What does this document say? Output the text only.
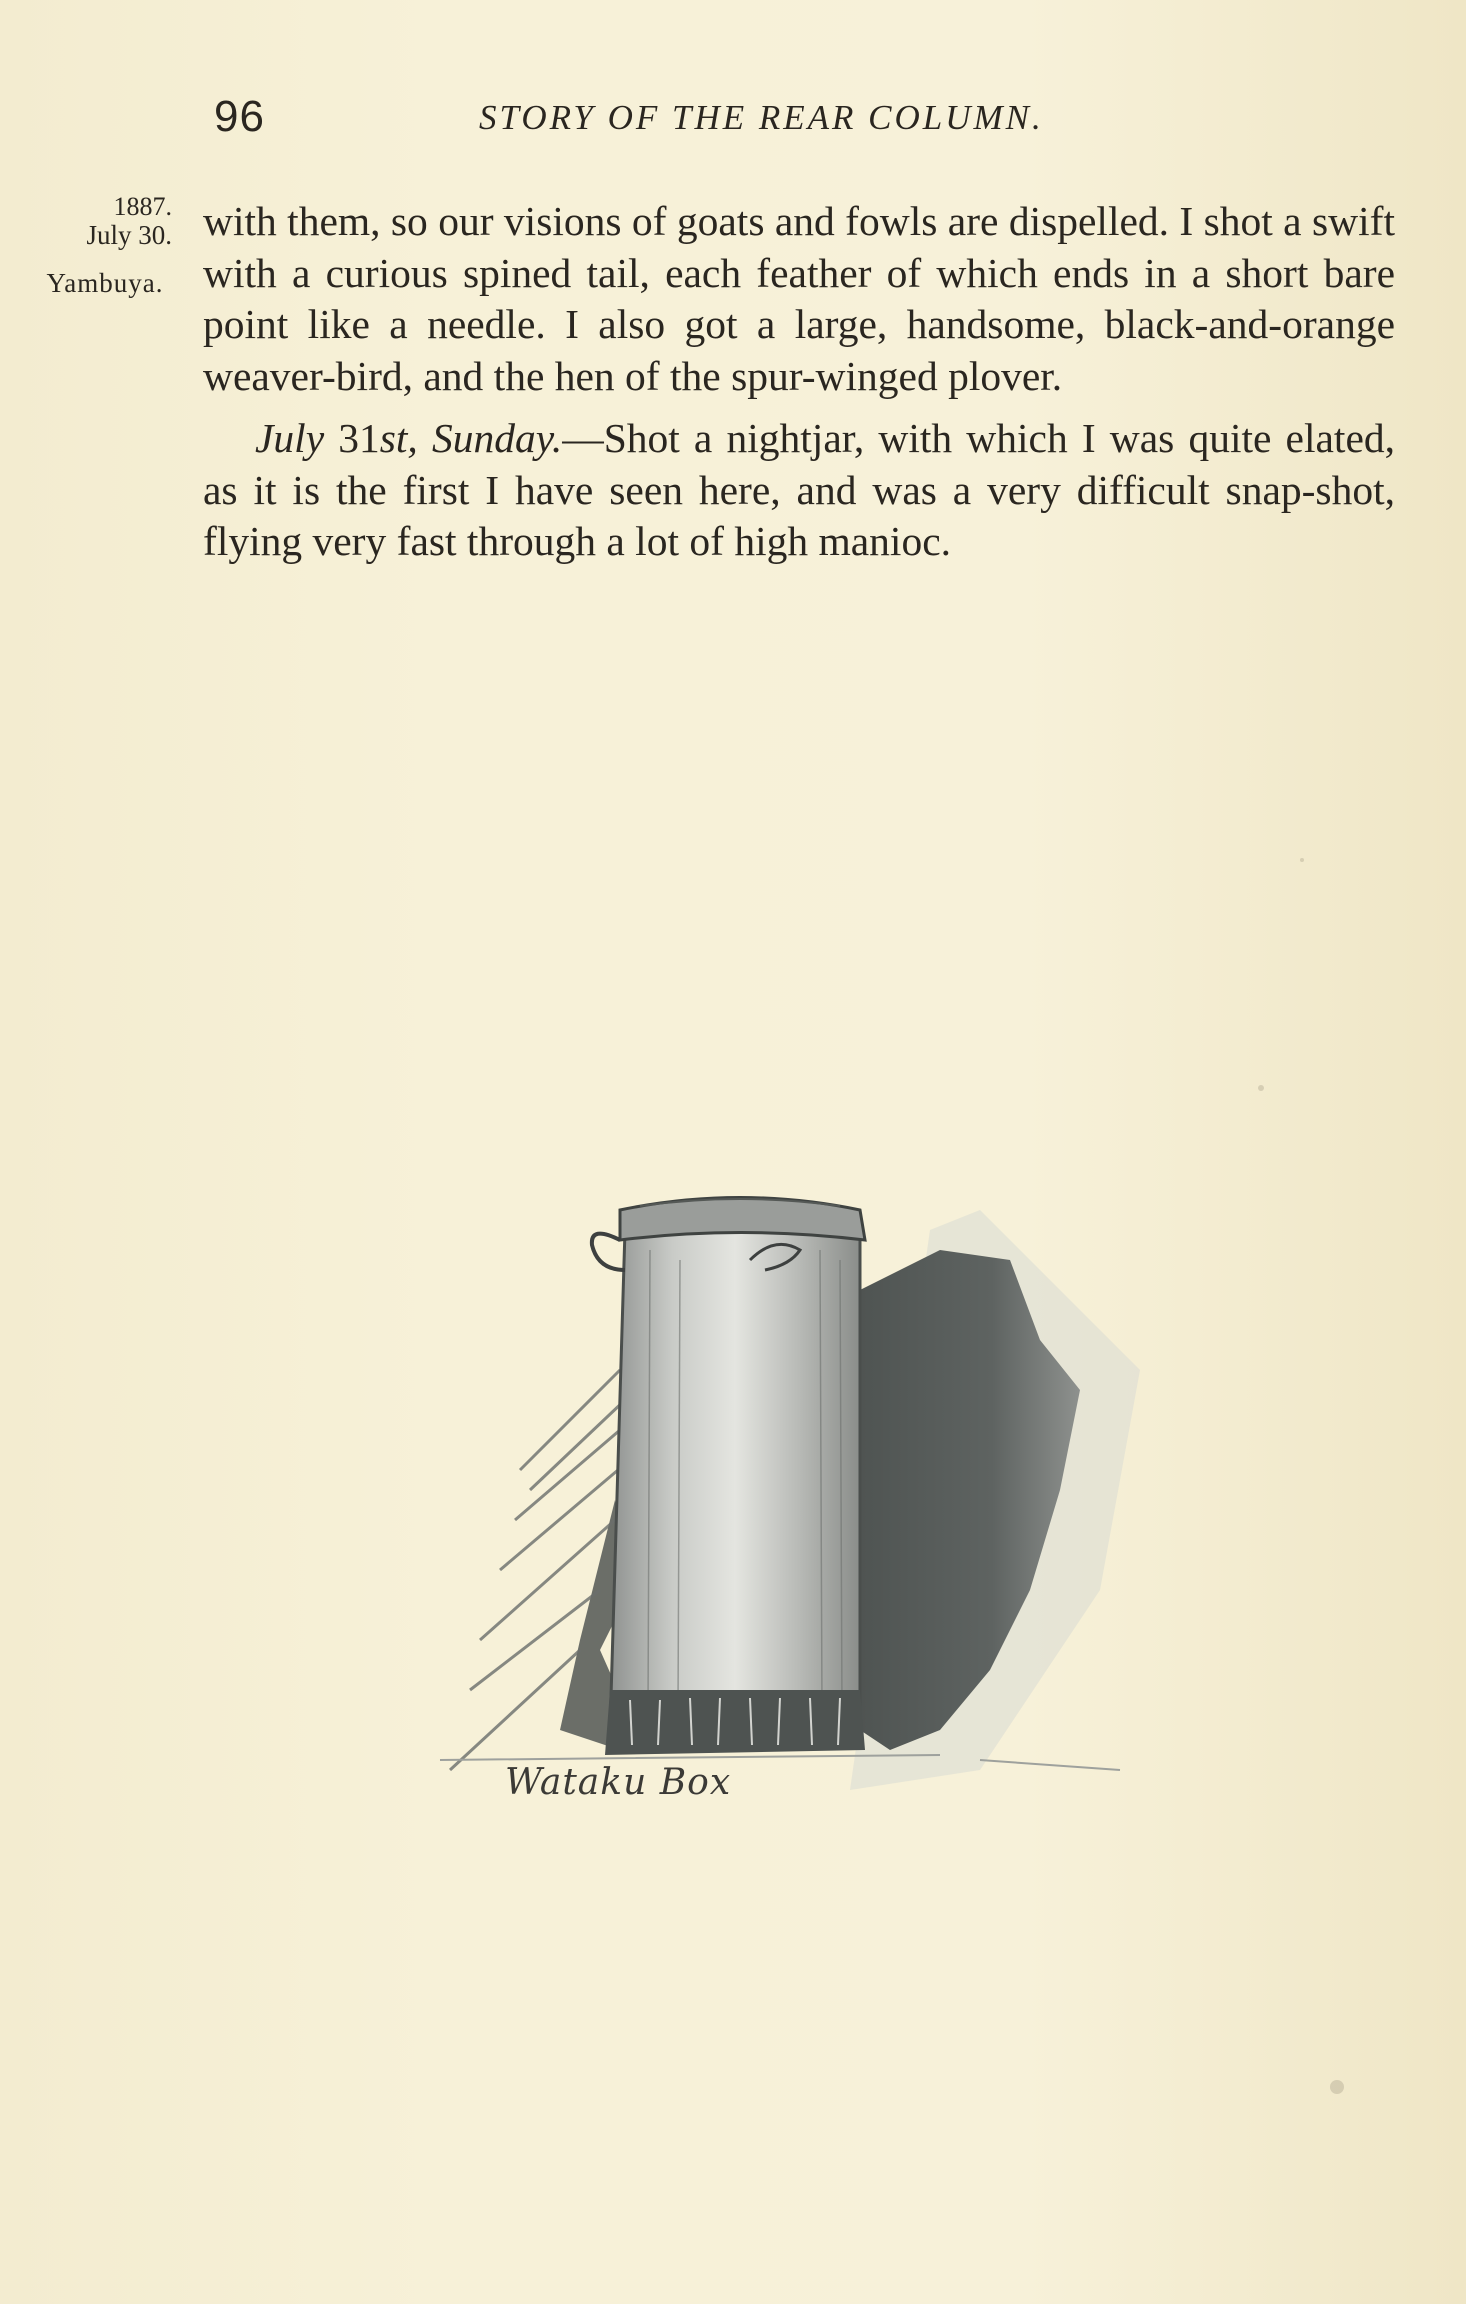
96	STORY OF THE REAR COLUMN.
1887.
July 30.
Yambuya.

with them, so our visions of goats and fowls are dispelled. I shot a swift with a curious spined tail, each feather of which ends in a short bare point like a needle. I also got a large, handsome, black-and-orange weaver-bird, and the hen of the spur-winged plover.

July 31st, Sunday.—Shot a nightjar, with which I was quite elated, as it is the first I have seen here, and was a very difficult snap-shot, flying very fast through a lot of high manioc.

Wataku Box
